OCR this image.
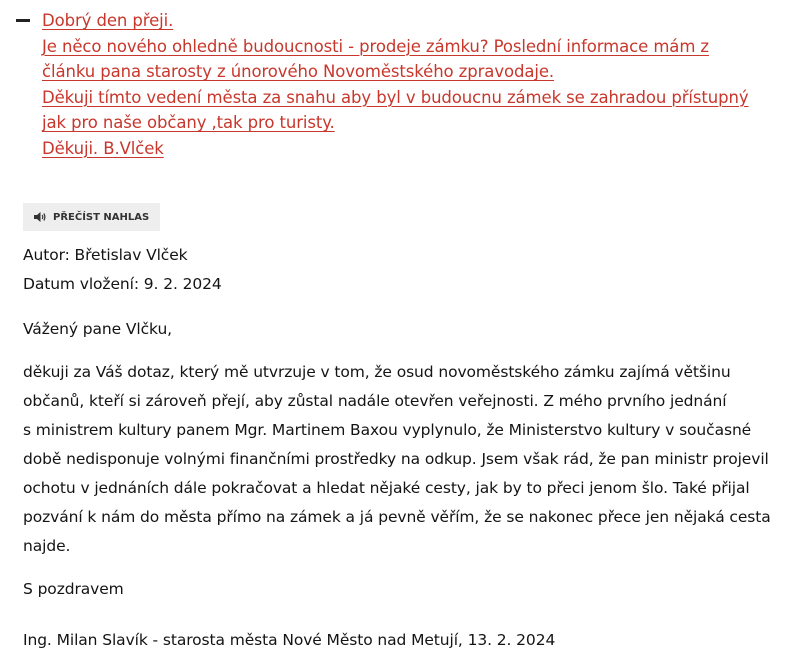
Dobrý den přeji.
Je něco nového ohledně budoucnosti - prodeje zámku? Poslední informace mám z
článku pana starosty z únorového Novoměstského zpravodaje.
Děkuji tímto vedení města za snahu aby byl v budoucnu zámek se zahradou přístupný
jak pro naše občany ,tak pro turisty.
Děkuji. B.Vlček
PŘEČÍST NAHLAS
Autor: Břetislav Vlček
Datum vložení: 9. 2. 2024
Vážený pane Vlčku,
děkuji za Váš dotaz, který mě utvrzuje v tom, že osud novoměstského zámku zajímá většinu
občanů, kteří si zároveň přejí, aby zůstal nadále otevřen veřejnosti. Z mého prvního jednání
s ministrem kultury panem Mgr. Martinem Baxou vyplynulo, že Ministerstvo kultury v současné
době nedisponuje volnými finančními prostředky na odkup. Jsem však rád, že pan ministr projevil
ochotu v jednáních dále pokračovat a hledat nějaké cesty, jak by to přeci jenom šlo. Také přijal
pozvání k nám do města přímo na zámek a já pevně věřím, že se nakonec přece jen nějaká cesta
najde.
S pozdravem
Ing. Milan Slavík - starosta města Nové Město nad Metují, 13. 2. 2024
